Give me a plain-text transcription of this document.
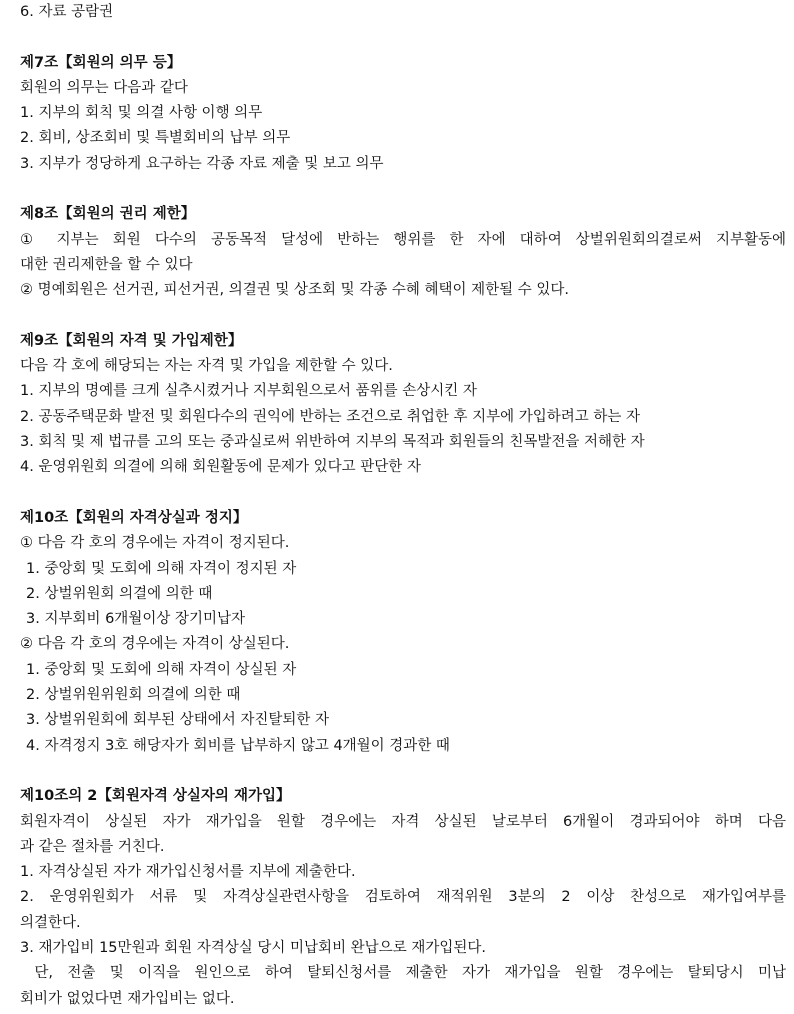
6. 자료 공람권
제7조【회원의 의무 등】
회원의 의무는 다음과 같다
1. 지부의 회칙 및 의결 사항 이행 의무
2. 회비, 상조회비 및 특별회비의 납부 의무
3. 지부가 정당하게 요구하는 각종 자료 제출 및 보고 의무
제8조【회원의 권리 제한】
① 지부는 회원 다수의 공동목적 달성에 반하는 행위를 한 자에 대하여 상벌위원회의결로써 지부활동에
대한 권리제한을 할 수 있다
② 명예회원은 선거권, 피선거권, 의결권 및 상조회 및 각종 수혜 혜택이 제한될 수 있다.
제9조【회원의 자격 및 가입제한】
다음 각 호에 해당되는 자는 자격 및 가입을 제한할 수 있다.
1. 지부의 명예를 크게 실추시켰거나 지부회원으로서 품위를 손상시킨 자
2. 공동주택문화 발전 및 회원다수의 권익에 반하는 조건으로 취업한 후 지부에 가입하려고 하는 자
3. 회칙 및 제 법규를 고의 또는 중과실로써 위반하여 지부의 목적과 회원들의 친목발전을 저해한 자
4. 운영위원회 의결에 의해 회원활동에 문제가 있다고 판단한 자
제10조【회원의 자격상실과 정지】
① 다음 각 호의 경우에는 자격이 정지된다.
1. 중앙회 및 도회에 의해 자격이 정지된 자
2. 상벌위원회 의결에 의한 때
3. 지부회비 6개월이상 장기미납자
② 다음 각 호의 경우에는 자격이 상실된다.
1. 중앙회 및 도회에 의해 자격이 상실된 자
2. 상벌위원위원회 의결에 의한 때
3. 상벌위원회에 회부된 상태에서 자진탈퇴한 자
4. 자격정지 3호 해당자가 회비를 납부하지 않고 4개월이 경과한 때
제10조의 2【회원자격 상실자의 재가입】
회원자격이 상실된 자가 재가입을 원할 경우에는 자격 상실된 날로부터 6개월이 경과되어야 하며 다음
과 같은 절차를 거친다.
1. 자격상실된 자가 재가입신청서를 지부에 제출한다.
2. 운영위원회가 서류 및 자격상실관련사항을 검토하여 재적위원 3분의 2 이상 찬성으로 재가입여부를
의결한다.
3. 재가입비 15만원과 회원 자격상실 당시 미납회비 완납으로 재가입된다.
단, 전출 및 이직을 원인으로 하여 탈퇴신청서를 제출한 자가 재가입을 원할 경우에는 탈퇴당시 미납
회비가 없었다면 재가입비는 없다.
